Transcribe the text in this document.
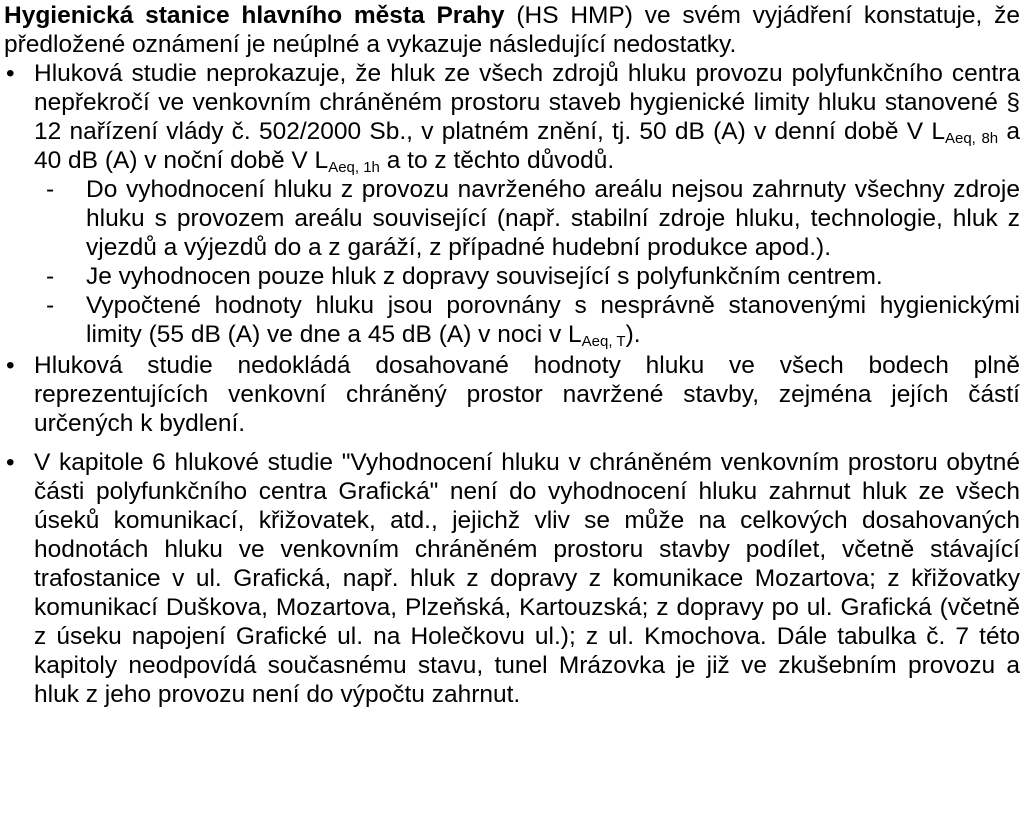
Hygienická stanice hlavního města Prahy (HS HMP) ve svém vyjádření konstatuje, že předložené oznámení je neúplné a vykazuje následující nedostatky.

•

Hluková studie neprokazuje, že hluk ze všech zdrojů hluku provozu polyfunkčního centra nepřekročí ve venkovním chráněném prostoru staveb hygienické limity hluku stanovené § 12 nařízení vlády č. 502/2000 Sb., v platném znění, tj. 50 dB (A) v denní době V $L_{Aeq, 8h}$ a 40 dB (A) v noční době V $L_{Aeq, 1h}$ a to z těchto důvodů.

-

Do vyhodnocení hluku z provozu navrženého areálu nejsou zahrnuty všechny zdroje hluku s provozem areálu související (např. stabilní zdroje hluku, technologie, hluk z vjezdů a výjezdů do a z garáží, z případné hudební produkce apod.).

-

Je vyhodnocen pouze hluk z dopravy související s polyfunkčním centrem.

-

Vypočtené hodnoty hluku jsou porovnány s nesprávně stanovenými hygienickými limity (55 dB (A) ve dne a 45 dB (A) v noci v $L_{Aeq, T}$).

•

Hluková studie nedokládá dosahované hodnoty hluku ve všech bodech plně reprezentujících venkovní chráněný prostor navržené stavby, zejména jejích částí určených k bydlení.

•

V kapitole 6 hlukové studie "Vyhodnocení hluku v chráněném venkovním prostoru obytné části polyfunkčního centra Grafická" není do vyhodnocení hluku zahrnut hluk ze všech úseků komunikací, křižovatek, atd., jejichž vliv se může na celkových dosahovaných hodnotách hluku ve venkovním chráněném prostoru stavby podílet, včetně stávající trafostanice v ul. Grafická, např. hluk z dopravy z komunikace Mozartova; z křižovatky komunikací Duškova, Mozartova, Plzeňská, Kartouzská; z dopravy po ul. Grafická (včetně z úseku napojení Grafické ul. na Holečkovu ul.); z ul. Kmochova. Dále tabulka č. 7 této kapitoly neodpovídá současnému stavu, tunel Mrázovka je již ve zkušebním provozu a hluk z jeho provozu není do výpočtu zahrnut.
